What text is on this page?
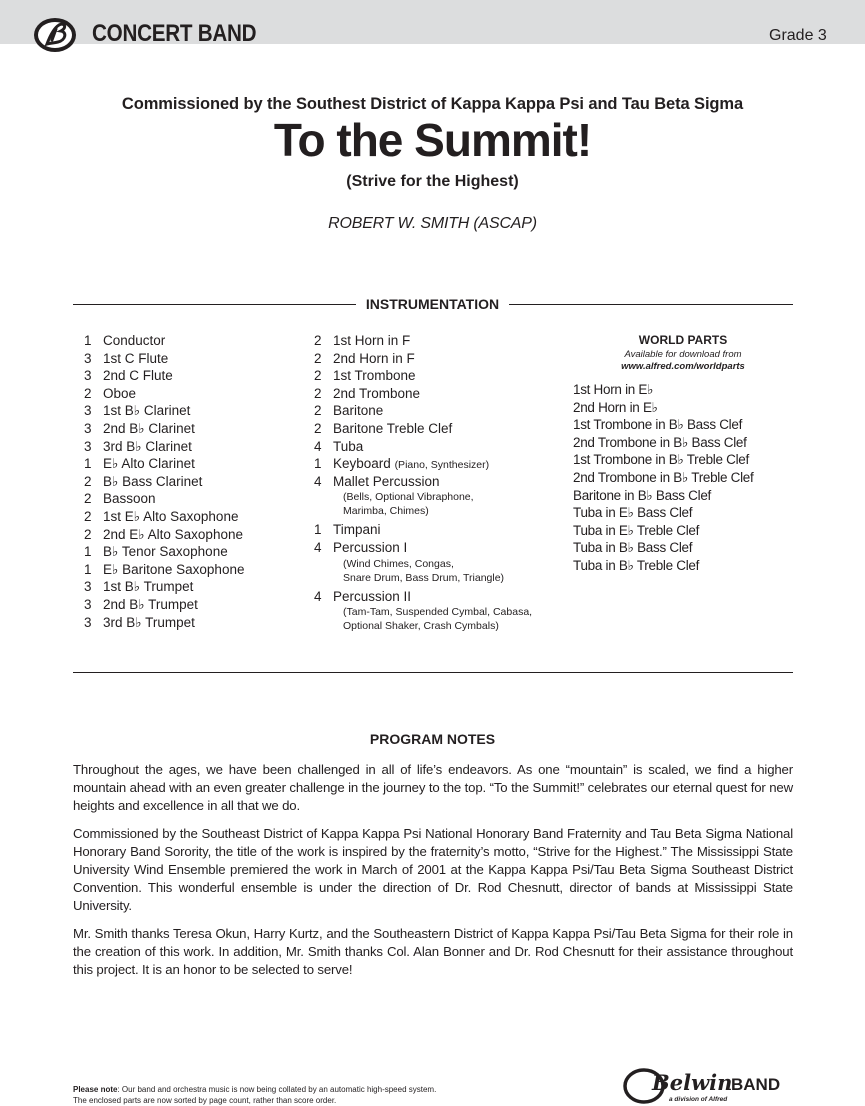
CONCERT BAND	Grade 3
Commissioned by the Southest District of Kappa Kappa Psi and Tau Beta Sigma
To the Summit!
(Strive for the Highest)
ROBERT W. SMITH (ASCAP)
INSTRUMENTATION
1 Conductor
3 1st C Flute
3 2nd C Flute
2 Oboe
3 1st B♭ Clarinet
3 2nd B♭ Clarinet
3 3rd B♭ Clarinet
1 E♭ Alto Clarinet
2 B♭ Bass Clarinet
2 Bassoon
2 1st E♭ Alto Saxophone
2 2nd E♭ Alto Saxophone
1 B♭ Tenor Saxophone
1 E♭ Baritone Saxophone
3 1st B♭ Trumpet
3 2nd B♭ Trumpet
3 3rd B♭ Trumpet
2 1st Horn in F
2 2nd Horn in F
2 1st Trombone
2 2nd Trombone
2 Baritone
2 Baritone Treble Clef
4 Tuba
1 Keyboard (Piano, Synthesizer)
4 Mallet Percussion
(Bells, Optional Vibraphone,
Marimba, Chimes)
1 Timpani
4 Percussion I
(Wind Chimes, Congas,
Snare Drum, Bass Drum, Triangle)
4 Percussion II
(Tam-Tam, Suspended Cymbal, Cabasa,
Optional Shaker, Crash Cymbals)
WORLD PARTS
Available for download from
www.alfred.com/worldparts
1st Horn in E♭
2nd Horn in E♭
1st Trombone in B♭ Bass Clef
2nd Trombone in B♭ Bass Clef
1st Trombone in B♭ Treble Clef
2nd Trombone in B♭ Treble Clef
Baritone in B♭ Bass Clef
Tuba in E♭ Bass Clef
Tuba in E♭ Treble Clef
Tuba in B♭ Bass Clef
Tuba in B♭ Treble Clef
PROGRAM NOTES

Throughout the ages, we have been challenged in all of life’s endeavors. As one “mountain” is scaled, we find a higher mountain ahead with an even greater challenge in the journey to the top. “To the Summit!” celebrates our eternal quest for new heights and excellence in all that we do.

Commissioned by the Southeast District of Kappa Kappa Psi National Honorary Band Fraternity and Tau Beta Sigma National Honorary Band Sorority, the title of the work is inspired by the fraternity’s motto, “Strive for the Highest.” The Mississippi State University Wind Ensemble premiered the work in March of 2001 at the Kappa Kappa Psi/Tau Beta Sigma Southeast District Convention. This wonderful ensemble is under the direction of Dr. Rod Chesnutt, director of bands at Mississippi State University.

Mr. Smith thanks Teresa Okun, Harry Kurtz, and the Southeastern District of Kappa Kappa Psi/Tau Beta Sigma for their role in the creation of this work. In addition, Mr. Smith thanks Col. Alan Bonner and Dr. Rod Chesnutt for their assistance throughout this project. It is an honor to be selected to serve!

Please note: Our band and orchestra music is now being collated by an automatic high-speed system.
The enclosed parts are now sorted by page count, rather than score order.
Belwin
BAND
a division of Alfred
